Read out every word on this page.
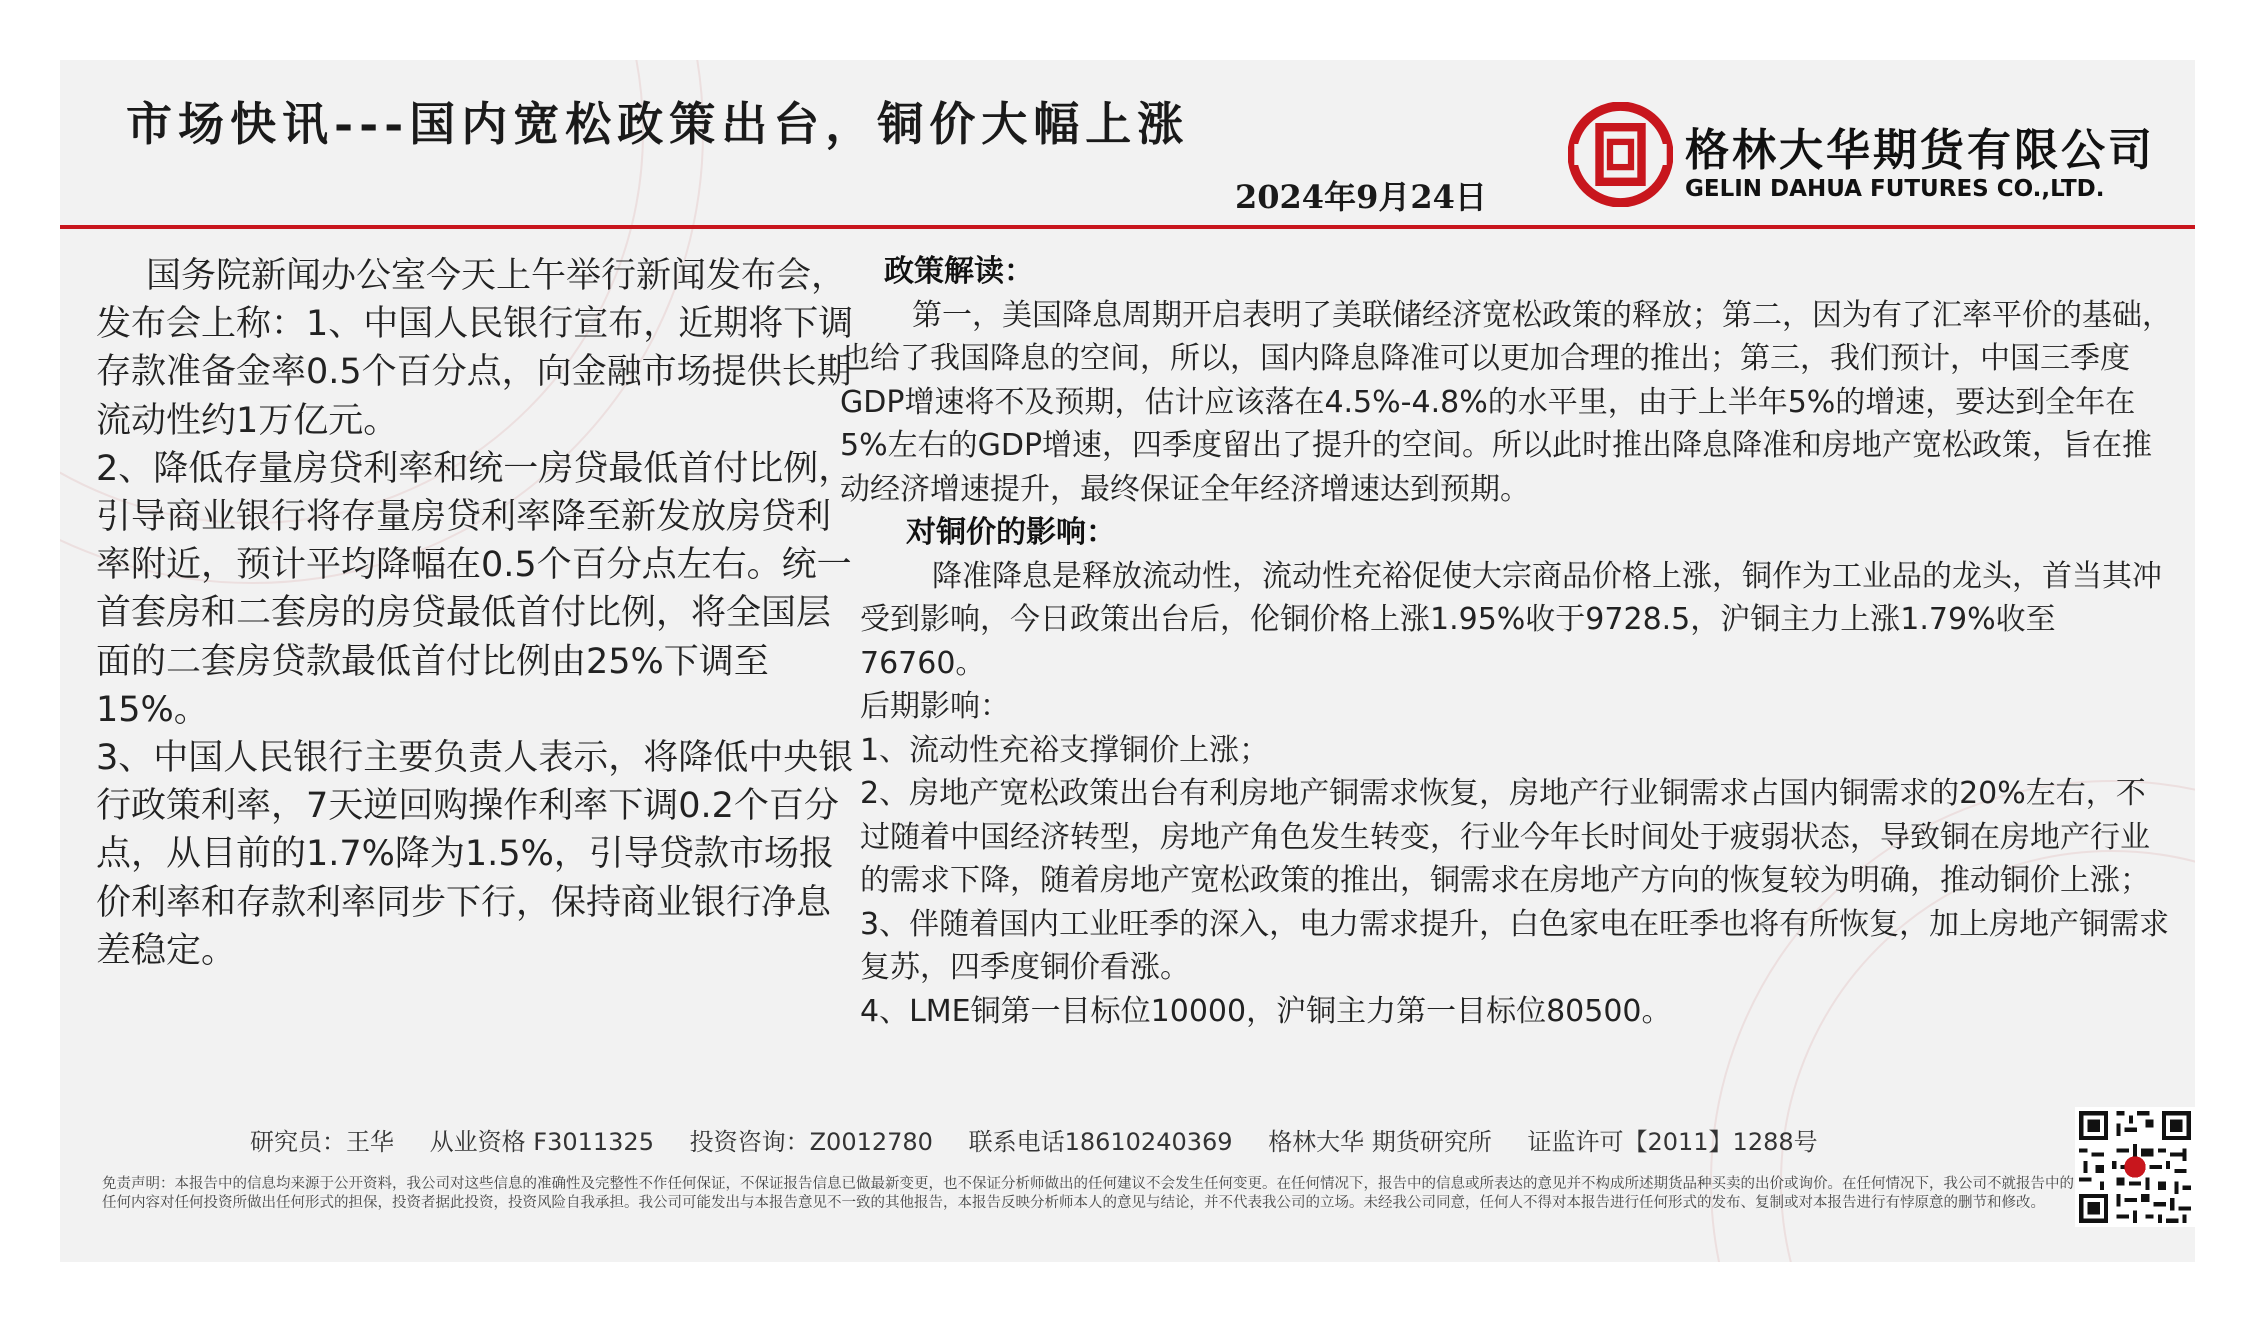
市场快讯---国内宽松政策出台，铜价大幅上涨
2024年9月24日
格林大华期货有限公司
GELIN DAHUA FUTURES CO.,LTD.

国务院新闻办公室今天上午举行新闻发布会，发布会上称：1、中国人民银行宣布，近期将下调存款准备金率0.5个百分点，向金融市场提供长期流动性约1万亿元。

2、降低存量房贷利率和统一房贷最低首付比例，引导商业银行将存量房贷利率降至新发放房贷利率附近，预计平均降幅在0.5个百分点左右。统一首套房和二套房的房贷最低首付比例，将全国层面的二套房贷款最低首付比例由25%下调至15%。

3、中国人民银行主要负责人表示，将降低中央银行政策利率，7天逆回购操作利率下调0.2个百分点，从目前的1.7%降为1.5%，引导贷款市场报价利率和存款利率同步下行，保持商业银行净息差稳定。

政策解读：

第一，美国降息周期开启表明了美联储经济宽松政策的释放；第二，因为有了汇率平价的基础，也给了我国降息的空间，所以，国内降息降准可以更加合理的推出；第三，我们预计，中国三季度GDP增速将不及预期，估计应该落在4.5%-4.8%的水平里，由于上半年5%的增速，要达到全年在5%左右的GDP增速，四季度留出了提升的空间。所以此时推出降息降准和房地产宽松政策，旨在推动经济增速提升，最终保证全年经济增速达到预期。

对铜价的影响：

降准降息是释放流动性，流动性充裕促使大宗商品价格上涨，铜作为工业品的龙头，首当其冲受到影响，今日政策出台后，伦铜价格上涨1.95%收于9728.5，沪铜主力上涨1.79%收至76760。

后期影响：

1、流动性充裕支撑铜价上涨；

2、房地产宽松政策出台有利房地产铜需求恢复，房地产行业铜需求占国内铜需求的20%左右，不过随着中国经济转型，房地产角色发生转变，行业今年长时间处于疲弱状态，导致铜在房地产行业的需求下降，随着房地产宽松政策的推出，铜需求在房地产方向的恢复较为明确，推动铜价上涨；

3、伴随着国内工业旺季的深入，电力需求提升，白色家电在旺季也将有所恢复，加上房地产铜需求复苏，四季度铜价看涨。

4、LME铜第一目标位10000，沪铜主力第一目标位80500。

研究员：王华 从业资格 F3011325 投资咨询：Z0012780 联系电话18610240369 格林大华 期货研究所 证监许可【2011】1288号
免责声明：本报告中的信息均来源于公开资料，我公司对这些信息的准确性及完整性不作任何保证，不保证报告信息已做最新变更，也不保证分析师做出的任何建议不会发生任何变更。在任何情况下，报告中的信息或所表达的意见并不构成所述期货品种买卖的出价或询价。在任何情况下，我公司不就报告中的任何内容对任何投资所做出任何形式的担保，投资者据此投资，投资风险自我承担。我公司可能发出与本报告意见不一致的其他报告，本报告反映分析师本人的意见与结论，并不代表我公司的立场。未经我公司同意，任何人不得对本报告进行任何形式的发布、复制或对本报告进行有悖原意的删节和修改。
